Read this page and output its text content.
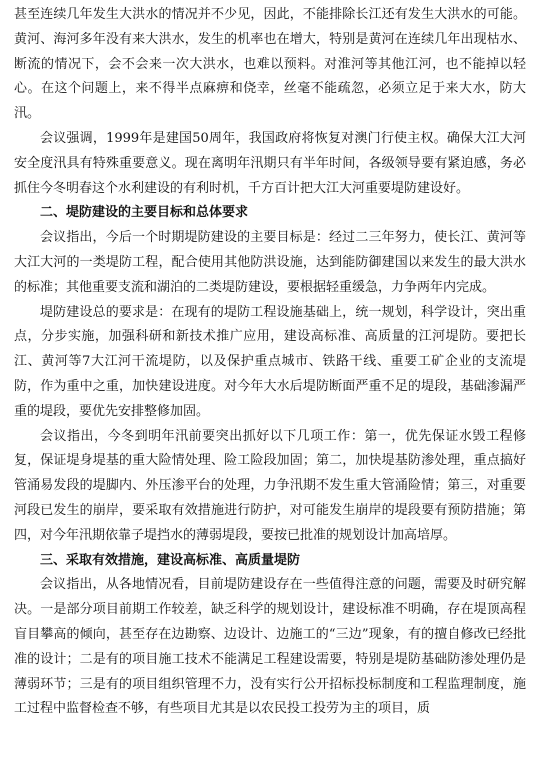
甚至连续几年发生大洪水的情况并不少见，因此，不能排除长江还有发生大洪水的可能。黄河、海河多年没有来大洪水，发生的机率也在增大，特别是黄河在连续几年出现枯水、断流的情况下，会不会来一次大洪水，也难以预料。对淮河等其他江河，也不能掉以轻心。在这个问题上，来不得半点麻痹和侥幸，丝毫不能疏忽，必须立足于来大水，防大汛。

会议强调，1999年是建国50周年，我国政府将恢复对澳门行使主权。确保大江大河安全度汛具有特殊重要意义。现在离明年汛期只有半年时间，各级领导要有紧迫感，务必抓住今冬明春这个水利建设的有利时机，千方百计把大江大河重要堤防建设好。

二、堤防建设的主要目标和总体要求

会议指出，今后一个时期堤防建设的主要目标是：经过二三年努力，使长江、黄河等大江大河的一类堤防工程，配合使用其他防洪设施，达到能防御建国以来发生的最大洪水的标准；其他重要支流和湖泊的二类堤防建设，要根据轻重缓急，力争两年内完成。

堤防建设总的要求是：在现有的堤防工程设施基础上，统一规划，科学设计，突出重点，分步实施，加强科研和新技术推广应用，建设高标准、高质量的江河堤防。要把长江、黄河等7大江河干流堤防，以及保护重点城市、铁路干线、重要工矿企业的支流堤防，作为重中之重，加快建设进度。对今年大水后堤防断面严重不足的堤段，基础渗漏严重的堤段，要优先安排整修加固。

会议指出，今冬到明年汛前要突出抓好以下几项工作：第一，优先保证水毁工程修复，保证堤身堤基的重大险情处理、险工险段加固；第二，加快堤基防渗处理，重点搞好管涌易发段的堤脚内、外压渗平台的处理，力争汛期不发生重大管涌险情；第三，对重要河段已发生的崩岸，要采取有效措施进行防护，对可能发生崩岸的堤段要有预防措施；第四，对今年汛期依靠子堤挡水的薄弱堤段，要按已批准的规划设计加高培厚。

三、采取有效措施，建设高标准、高质量堤防

会议指出，从各地情况看，目前堤防建设存在一些值得注意的问题，需要及时研究解决。一是部分项目前期工作较差，缺乏科学的规划设计，建设标准不明确，存在堤顶高程盲目攀高的倾向，甚至存在边勘察、边设计、边施工的“三边”现象，有的擅自修改已经批准的设计；二是有的项目施工技术不能满足工程建设需要，特别是堤防基础防渗处理仍是薄弱环节；三是有的项目组织管理不力，没有实行公开招标投标制度和工程监理制度，施工过程中监督检查不够，有些项目尤其是以农民投工投劳为主的项目，质
